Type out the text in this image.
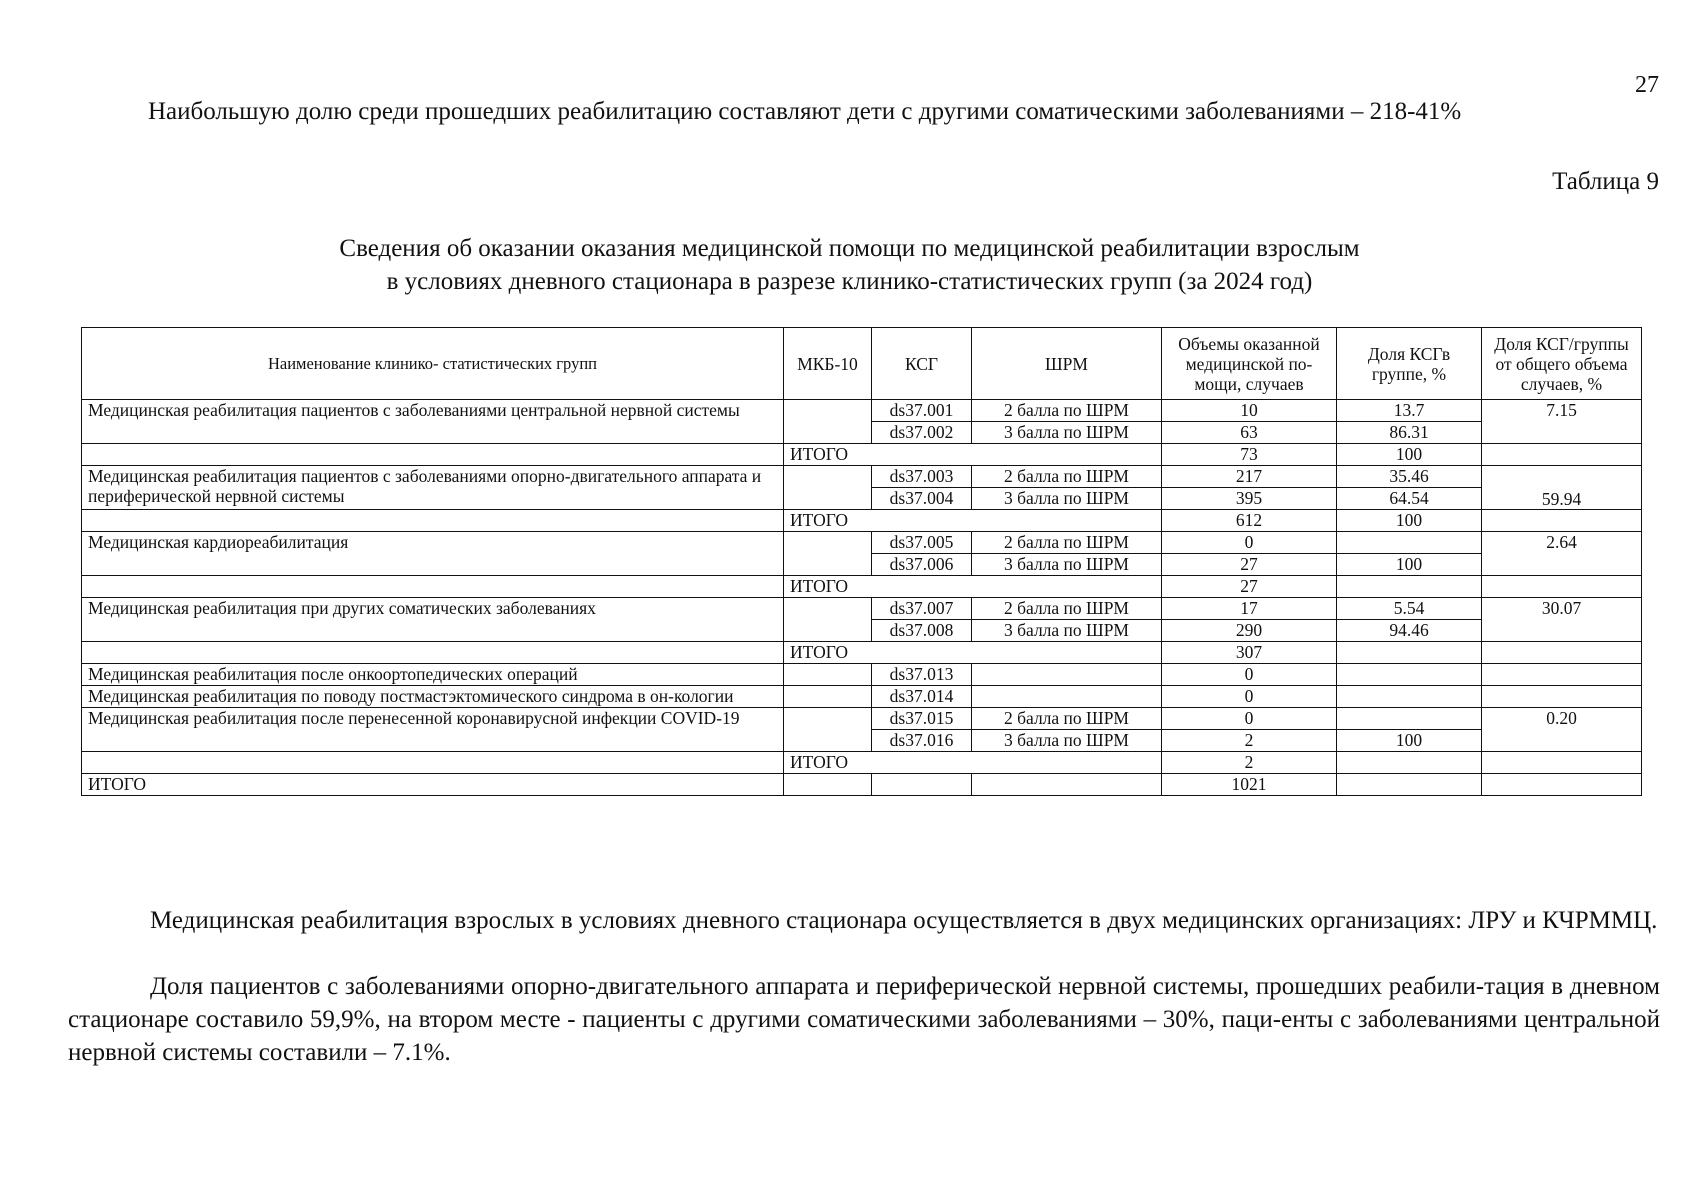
27
Наибольшую долю среди прошедших реабилитацию составляют дети с другими соматическими заболеваниями – 218-41%
Таблица 9
Сведения об оказании оказания медицинской помощи по медицинской реабилитации взрослым
в условиях дневного стационара в разрезе клинико-статистических групп (за 2024 год)
Наименование клинико- статистических групп	МКБ-10	КСГ	ШРМ	Объемы оказанной медицинской по-мощи, случаев	Доля КСГв группе, %	Доля КСГ/группы от общего объема случаев, %
Медицинская реабилитация пациентов с заболеваниями центральной нервной системы		ds37.001	2 балла по ШРМ	10	13.7	7.15
		ds37.002	3 балла по ШРМ	63	86.31	
	ИТОГО			73	100	
Медицинская реабилитация пациентов с заболеваниями опорно-двигательного аппарата и периферической нервной системы		ds37.003	2 балла по ШРМ	217	35.46	59.94
		ds37.004	3 балла по ШРМ	395	64.54	
	ИТОГО			612	100	
Медицинская кардиореабилитация		ds37.005	2 балла по ШРМ	0		2.64
		ds37.006	3 балла по ШРМ	27	100	
	ИТОГО			27		
Медицинская реабилитация при других соматических заболеваниях		ds37.007	2 балла по ШРМ	17	5.54	30.07
		ds37.008	3 балла по ШРМ	290	94.46	
	ИТОГО			307		
Медицинская реабилитация после онкоортопедических операций		ds37.013		0		
Медицинская реабилитация по поводу постмастэктомического синдрома в он-кологии		ds37.014		0		
Медицинская реабилитация после перенесенной коронавирусной инфекции COVID-19		ds37.015	2 балла по ШРМ	0		0.20
		ds37.016	3 балла по ШРМ	2	100	
	ИТОГО			2		
ИТОГО				1021		

Медицинская реабилитация взрослых в условиях дневного стационара осуществляется в двух медицинских организациях: ЛРУ и КЧРММЦ.

Доля пациентов с заболеваниями опорно-двигательного аппарата и периферической нервной системы, прошедших реабили-тация в дневном стационаре составило 59,9%, на втором месте - пациенты с другими соматическими заболеваниями – 30%, паци-енты с заболеваниями центральной нервной системы составили – 7.1%.
